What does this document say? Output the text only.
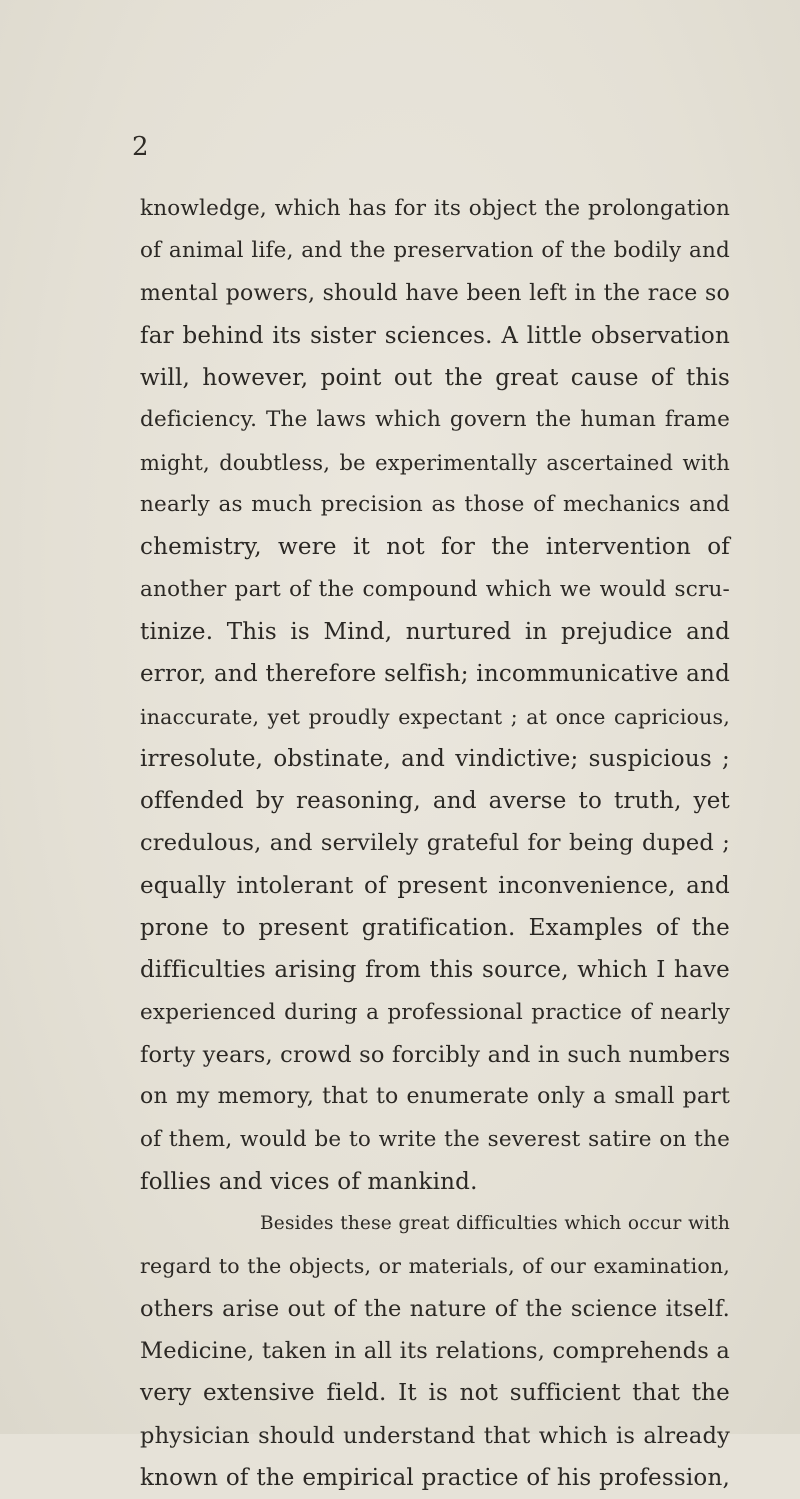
2
knowledge, which has for its object the prolongation
of animal life, and the preservation of the bodily and
mental powers, should have been left in the race so
far behind its sister sciences. A little observation
will, however, point out the great cause of this
deficiency. The laws which govern the human frame
might, doubtless, be experimentally ascertained with
nearly as much precision as those of mechanics and
chemistry, were it not for the intervention of
another part of the compound which we would scru-
tinize. This is Mind, nurtured in prejudice and
error, and therefore selfish; incommunicative and
inaccurate, yet proudly expectant ; at once capricious,
irresolute, obstinate, and vindictive; suspicious ;
offended by reasoning, and averse to truth, yet
credulous, and servilely grateful for being duped ;
equally intolerant of present inconvenience, and
prone to present gratification. Examples of the
difficulties arising from this source, which I have
experienced during a professional practice of nearly
forty years, crowd so forcibly and in such numbers
on my memory, that to enumerate only a small part
of them, would be to write the severest satire on the
follies and vices of mankind.
Besides these great difficulties which occur with
regard to the objects, or materials, of our examination,
others arise out of the nature of the science itself.
Medicine, taken in all its relations, comprehends a
very extensive field. It is not sufficient that the
physician should understand that which is already
known of the empirical practice of his profession,
